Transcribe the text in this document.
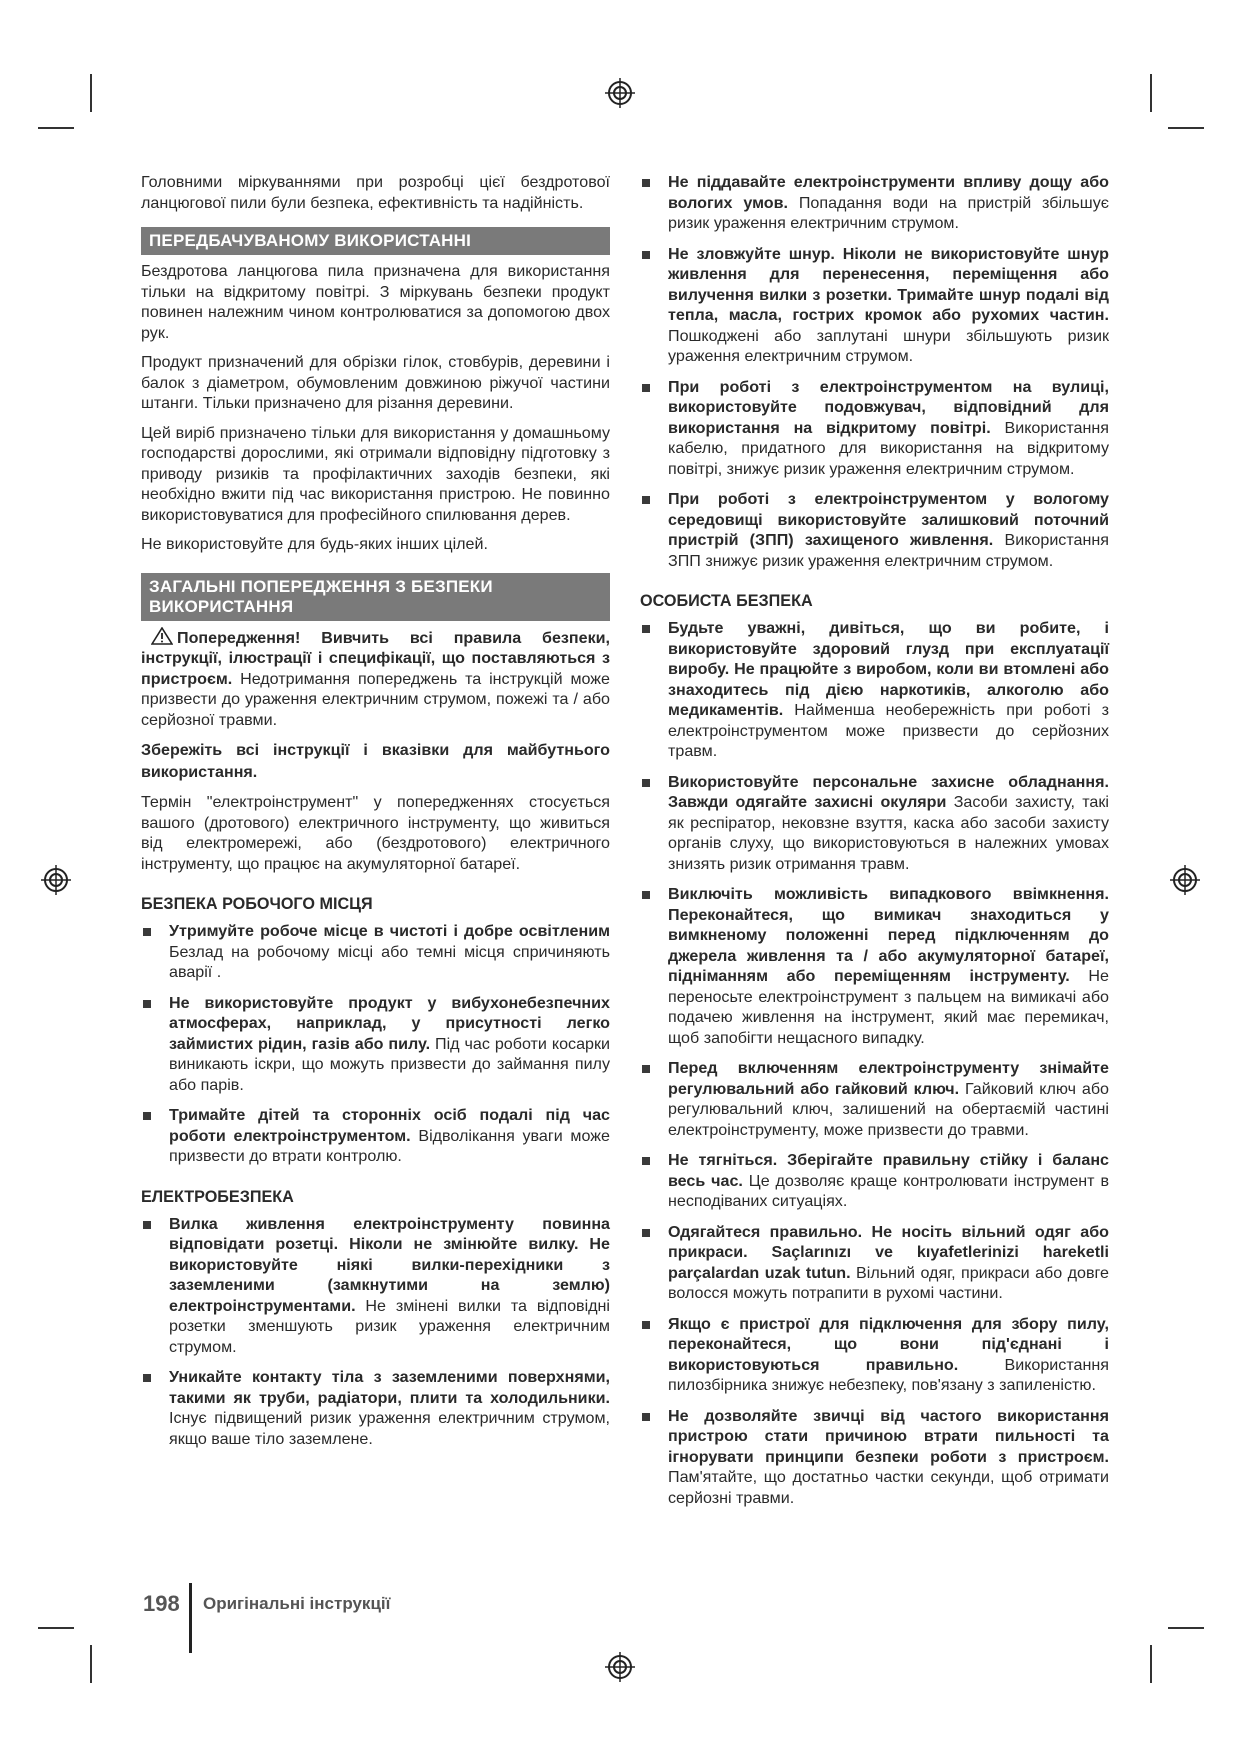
Головними міркуваннями при розробці цієї бездротової ланцюгової пили були безпека, ефективність та надійність.

ПЕРЕДБАЧУВАНОМУ ВИКОРИСТАННІ

Бездротова ланцюгова пила призначена для використання тільки на відкритому повітрі. З міркувань безпеки продукт повинен належним чином контролюватися за допомогою двох рук.

Продукт призначений для обрізки гілок, стовбурів, деревини і балок з діаметром, обумовленим довжиною ріжучої частини штанги. Тільки призначено для різання деревини.

Цей виріб призначено тільки для використання у домашньому господарстві дорослими, які отримали відповідну підготовку з приводу ризиків та профілактичних заходів безпеки, які необхідно вжити під час використання пристрою. Не повинно використовуватися для професійного спилювання дерев.

Не використовуйте для будь-яких інших цілей.

ЗАГАЛЬНІ ПОПЕРЕДЖЕННЯ З БЕЗПЕКИ
ВИКОРИСТАННЯ

Попередження! Вивчить всі правила безпеки, інструкції, ілюстрації і специфікації, що поставляються з пристроєм. Недотримання попереджень та інструкцій може призвести до ураження електричним струмом, пожежі та / або серйозної травми.

Збережіть всі інструкції і вказівки для майбутнього використання.

Термін "електроінструмент" у попередженнях стосується вашого (дротового) електричного інструменту, що живиться від електромережі, або (бездротового) електричного інструменту, що працює на акумуляторної батареї.

БЕЗПЕКА РОБОЧОГО МІСЦЯ
Утримуйте робоче місце в чистоті і добре освітленим Безлад на робочому місці або темні місця спричиняють аварії .
Не використовуйте продукт у вибухонебезпечних атмосферах, наприклад, у присутності легко займистих рідин, газів або пилу. Під час роботи косарки виникають іскри, що можуть призвести до займання пилу або парів.
Тримайте дітей та сторонніх осіб подалі під час роботи електроінструментом. Відволікання уваги може призвести до втрати контролю.
ЕЛЕКТРОБЕЗПЕКА
Вилка живлення електроінструменту повинна відповідати розетці. Ніколи не змінюйте вилку. Не використовуйте ніякі вилки-перехідники з заземленими (замкнутими на землю) електроінструментами. Не змінені вилки та відповідні розетки зменшують ризик ураження електричним струмом.
Уникайте контакту тіла з заземленими поверхнями, такими як труби, радіатори, плити та холодильники. Існує підвищений ризик ураження електричним струмом, якщо ваше тіло заземлене.
Не піддавайте електроінструменти впливу дощу або вологих умов. Попадання води на пристрій збільшує ризик ураження електричним струмом.
Не зловжуйте шнур. Ніколи не використовуйте шнур живлення для перенесення, переміщення або вилучення вилки з розетки. Тримайте шнур подалі від тепла, масла, гострих кромок або рухомих частин. Пошкоджені або заплутані шнури збільшують ризик ураження електричним струмом.
При роботі з електроінструментом на вулиці, використовуйте подовжувач, відповідний для використання на відкритому повітрі. Використання кабелю, придатного для використання на відкритому повітрі, знижує ризик ураження електричним струмом.
При роботі з електроінструментом у вологому середовищі використовуйте залишковий поточний пристрій (ЗПП) захищеного живлення. Використання ЗПП знижує ризик ураження електричним струмом.
ОСОБИСТА БЕЗПЕКА
Будьте уважні, дивіться, що ви робите, і використовуйте здоровий глузд при експлуатації виробу. Не працюйте з виробом, коли ви втомлені або знаходитесь під дією наркотиків, алкоголю або медикаментів. Найменша необережність при роботі з електроінструментом може призвести до серйозних травм.
Використовуйте персональне захисне обладнання. Завжди одягайте захисні окуляри Засоби захисту, такі як респіратор, нековзне взуття, каска або засоби захисту органів слуху, що використовуються в належних умовах знизять ризик отримання травм.
Виключіть можливість випадкового ввімкнення. Переконайтеся, що вимикач знаходиться у вимкненому положенні перед підключенням до джерела живлення та / або акумуляторної батареї, підніманням або переміщенням інструменту. Не переносьте електроінструмент з пальцем на вимикачі або подачею живлення на інструмент, який має перемикач, щоб запобігти нещасного випадку.
Перед включенням електроінструменту знімайте регулювальний або гайковий ключ. Гайковий ключ або регулювальний ключ, залишений на обертаємій частині електроінструменту, може призвести до травми.
Не тягніться. Зберігайте правильну стійку і баланс весь час. Це дозволяє краще контролювати інструмент в несподіваних ситуаціях.
Одягайтеся правильно. Не носіть вільний одяг або прикраси. Saçlarınızı ve kıyafetlerinizi hareketli parçalardan uzak tutun. Вільний одяг, прикраси або довге волосся можуть потрапити в рухомі частини.
Якщо є пристрої для підключення для збору пилу, переконайтеся, що вони під'єднані і використовуються правильно. Використання пилозбірника знижує небезпеку, пов'язану з запиленістю.
Не дозволяйте звичці від частого використання пристрою стати причиною втрати пильності та ігнорувати принципи безпеки роботи з пристроєм. Пам'ятайте, що достатньо частки секунди, щоб отримати серйозні травми.
198 Оригінальні інструкції
